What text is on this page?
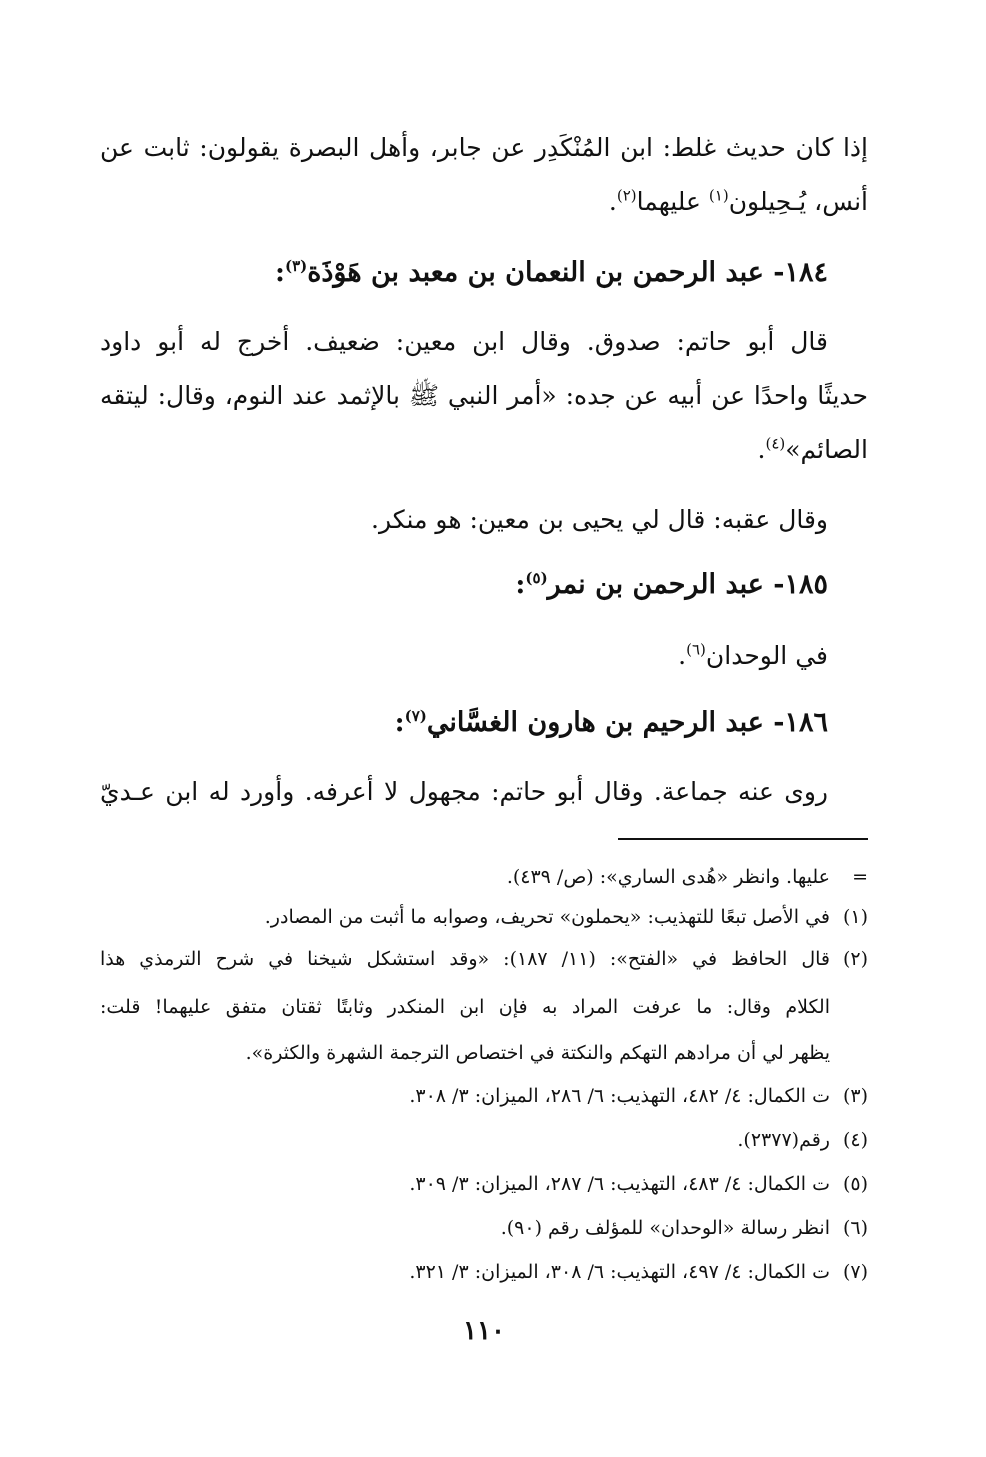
إذا كان حديث غلط: ابن المُنْكَدِر عن جابر، وأهل البصرة يقولون: ثابت عن
أنس، يُـحِيلون$^{(١)}$ عليهما$^{(٢)}$.
١٨٤- عبد الرحمن بن النعمان بن معبد بن هَوْذَة$^{(٣)}$:
قال أبو حاتم: صدوق. وقال ابن معين: ضعيف. أخرج له أبو داود
حديثًا واحدًا عن أبيه عن جده: «أمر النبي ﷺ بالإثمد عند النوم، وقال: ليتقه
الصائم»$^{(٤)}$.
وقال عقبه: قال لي يحيى بن معين: هو منكر.
١٨٥- عبد الرحمن بن نمر$^{(٥)}$:
في الوحدان$^{(٦)}$.
١٨٦- عبد الرحيم بن هارون الغسَّاني$^{(٧)}$:
روى عنه جماعة. وقال أبو حاتم: مجهول لا أعرفه. وأورد له ابن عـديّ
=عليها. وانظر «هُدى الساري»: (ص/ ٤٣٩).
(١)في الأصل تبعًا للتهذيب: «يحملون» تحريف، وصوابه ما أثبت من المصادر.
(٢)قال الحافظ في «الفتح»: (١١/ ١٨٧): «وقد استشكل شيخنا في شرح الترمذي هذا
الكلام وقال: ما عرفت المراد به فإن ابن المنكدر وثابتًا ثقتان متفق عليهما! قلت:
يظهر لي أن مرادهم التهكم والنكتة في اختصاص الترجمة الشهرة والكثرة».
(٣)ت الكمال: ٤/ ٤٨٢، التهذيب: ٦/ ٢٨٦، الميزان: ٣/ ٣٠٨.
(٤)رقم(٢٣٧٧).
(٥)ت الكمال: ٤/ ٤٨٣، التهذيب: ٦/ ٢٨٧، الميزان: ٣/ ٣٠٩.
(٦)انظر رسالة «الوحدان» للمؤلف رقم (٩٠).
(٧)ت الكمال: ٤/ ٤٩٧، التهذيب: ٦/ ٣٠٨، الميزان: ٣/ ٣٢١.
١١٠
